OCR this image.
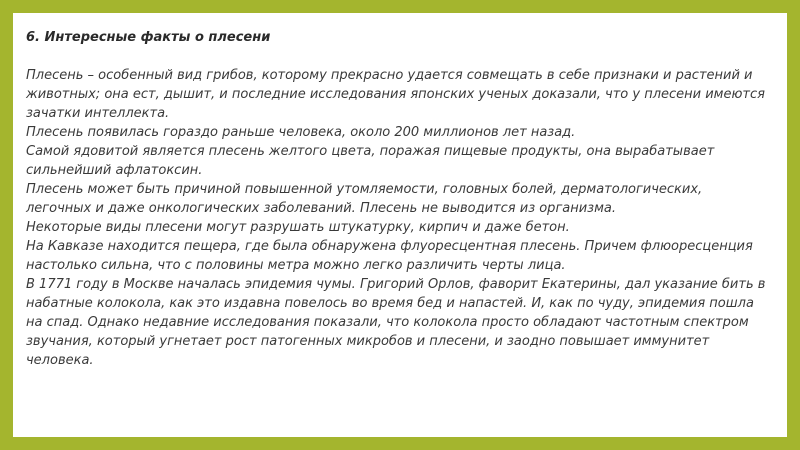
6. Интересные факты о плесени

Плесень – особенный вид грибов, которому прекрасно удается совмещать в себе признаки и растений и животных; она ест, дышит, и последние исследования японских ученых доказали, что у плесени имеются зачатки интеллекта.

Плесень появилась гораздо раньше человека, около 200 миллионов лет назад.

Самой ядовитой является плесень желтого цвета, поражая пищевые продукты, она вырабатывает сильнейший афлатоксин.

Плесень может быть причиной повышенной утомляемости, головных болей, дерматологических, легочных и даже онкологических заболеваний. Плесень не выводится из организма.

Некоторые виды плесени могут разрушать штукатурку, кирпич и даже бетон.

На Кавказе находится пещера, где была обнаружена флуоресцентная плесень. Причем флюоресценция настолько сильна, что с половины метра можно легко различить черты лица.

В 1771 году в Москве началась эпидемия чумы. Григорий Орлов, фаворит Екатерины, дал указание бить в набатные колокола, как это издавна повелось во время бед и напастей. И, как по чуду, эпидемия пошла на спад. Однако недавние исследования показали, что колокола просто обладают частотным спектром звучания, который угнетает рост патогенных микробов и плесени, и заодно повышает иммунитет человека.
